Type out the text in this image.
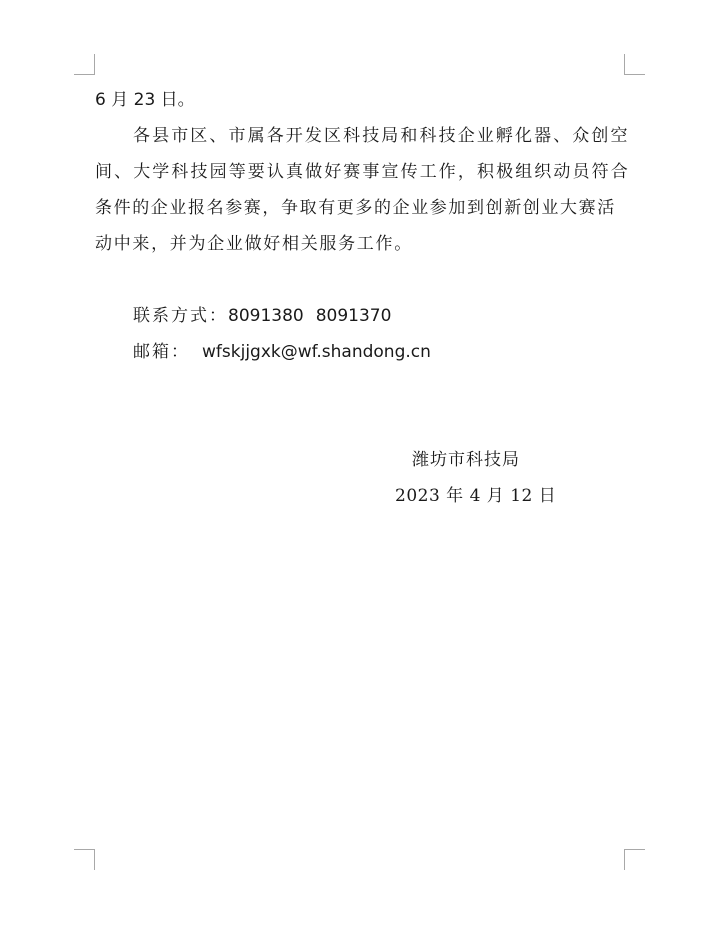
6 月 23 日。
各县市区、市属各开发区科技局和科技企业孵化器、众创空
间、大学科技园等要认真做好赛事宣传工作，积极组织动员符合
条件的企业报名参赛，争取有更多的企业参加到创新创业大赛活
动中来，并为企业做好相关服务工作。
联系方式：8091380 8091370
邮箱： wfskjjgxk@wf.shandong.cn
潍坊市科技局
2023 年 4 月 12 日
